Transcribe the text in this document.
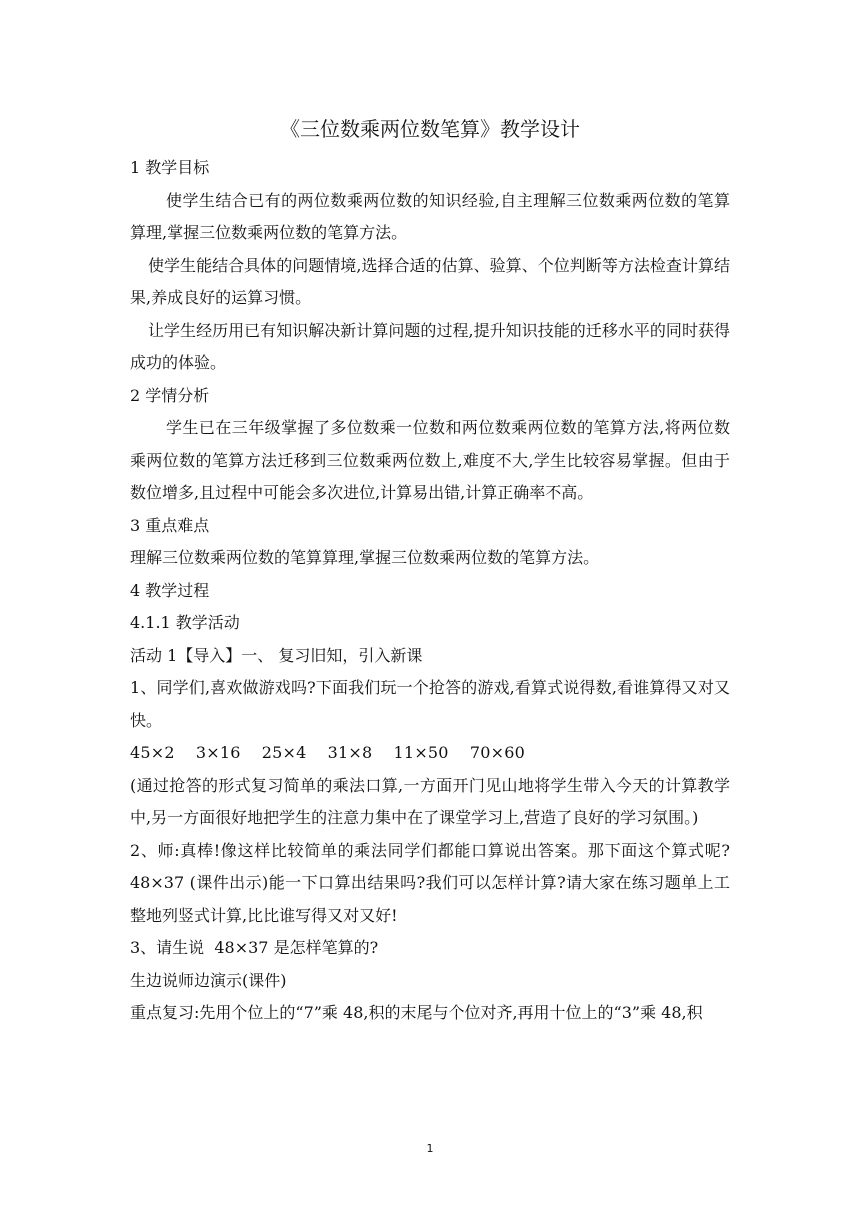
《三位数乘两位数笔算》教学设计

1 教学目标

使学生结合已有的两位数乘两位数的知识经验,自主理解三位数乘两位数的笔算算理,掌握三位数乘两位数的笔算方法。

使学生能结合具体的问题情境,选择合适的估算、验算、个位判断等方法检查计算结果,养成良好的运算习惯。

让学生经历用已有知识解决新计算问题的过程,提升知识技能的迁移水平的同时获得成功的体验。

2 学情分析

学生已在三年级掌握了多位数乘一位数和两位数乘两位数的笔算方法,将两位数乘两位数的笔算方法迁移到三位数乘两位数上,难度不大,学生比较容易掌握。但由于数位增多,且过程中可能会多次进位,计算易出错,计算正确率不高。

3 重点难点

理解三位数乘两位数的笔算算理,掌握三位数乘两位数的笔算方法。

4 教学过程

4.1.1 教学活动

活动 1【导入】一、 复习旧知，引入新课

1、同学们,喜欢做游戏吗?下面我们玩一个抢答的游戏,看算式说得数,看谁算得又对又快。

45×2    3×16    25×4    31×8    11×50    70×60

(通过抢答的形式复习简单的乘法口算,一方面开门见山地将学生带入今天的计算教学中,另一方面很好地把学生的注意力集中在了课堂学习上,营造了良好的学习氛围。)

2、师:真棒!像这样比较简单的乘法同学们都能口算说出答案。那下面这个算式呢?48×37 (课件出示)能一下口算出结果吗?我们可以怎样计算?请大家在练习题单上工整地列竖式计算,比比谁写得又对又好!

3、请生说  48×37 是怎样笔算的?

生边说师边演示(课件)

重点复习:先用个位上的“7”乘 48,积的末尾与个位对齐,再用十位上的“3”乘 48,积

1
